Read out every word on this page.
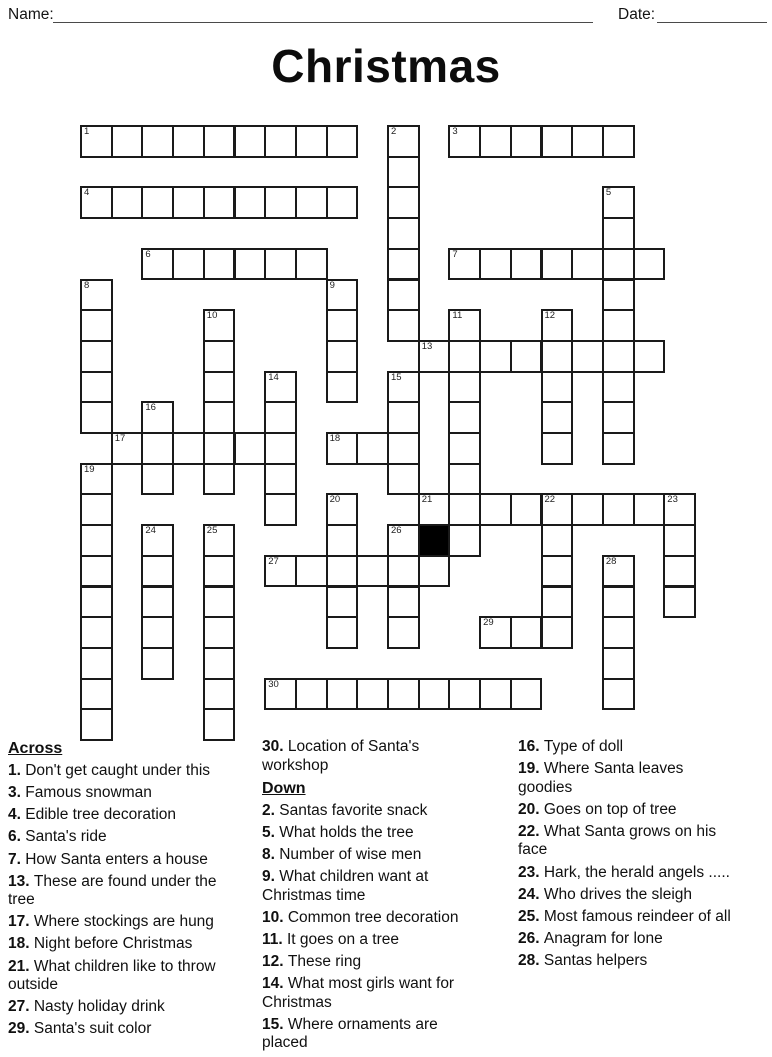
Name:	Date:
Christmas
1	2	3
4	5
6	7
8	9
10	11	12
13
14	15
16
17	18
19
20	21	22	23
24	25	26
27	28
29
30
Across
1. Don't get caught under this
3. Famous snowman
4. Edible tree decoration
6. Santa's ride
7. How Santa enters a house
13. These are found under the tree
17. Where stockings are hung
18. Night before Christmas
21. What children like to throw outside
27. Nasty holiday drink
29. Santa's suit color
30. Location of Santa's workshop
Down
2. Santas favorite snack
5. What holds the tree
8. Number of wise men
9. What children want at Christmas time
10. Common tree decoration
11. It goes on a tree
12. These ring
14. What most girls want for Christmas
15. Where ornaments are placed
16. Type of doll
19. Where Santa leaves goodies
20. Goes on top of tree
22. What Santa grows on his face
23. Hark, the herald angels .....
24. Who drives the sleigh
25. Most famous reindeer of all
26. Anagram for lone
28. Santas helpers
